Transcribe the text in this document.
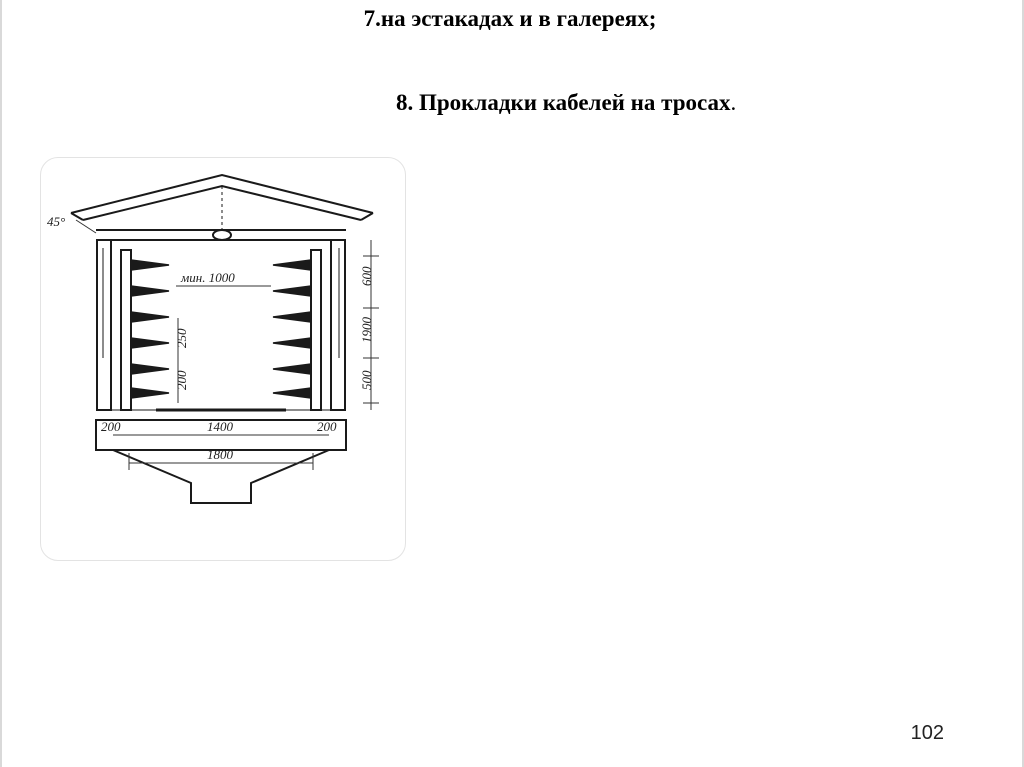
7.на эстакадах и в галереях;
8. Прокладки кабелей на тросах.
45°
мин. 1000	600
1900
500
250
200
200	200
1400
1800
102
